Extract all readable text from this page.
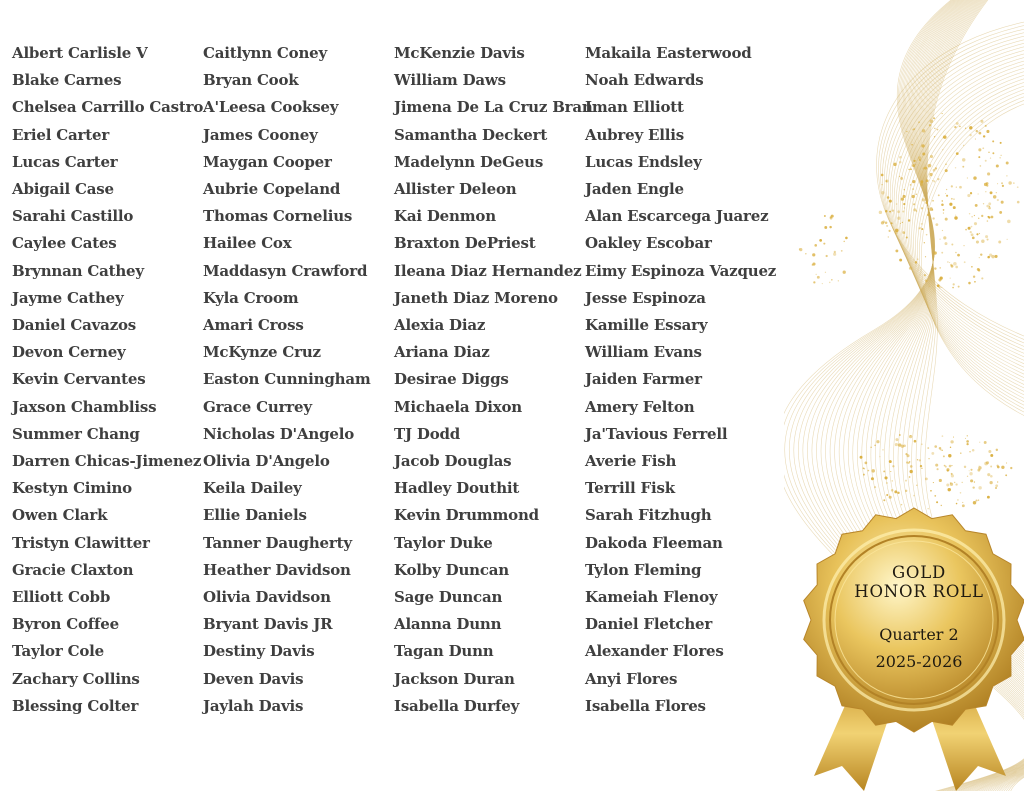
Albert Carlisle V
Blake Carnes
Chelsea Carrillo Castro
Eriel Carter
Lucas Carter
Abigail Case
Sarahi Castillo
Caylee Cates
Brynnan Cathey
Jayme Cathey
Daniel Cavazos
Devon Cerney
Kevin Cervantes
Jaxson Chambliss
Summer Chang
Darren Chicas-Jimenez
Kestyn Cimino
Owen Clark
Tristyn Clawitter
Gracie Claxton
Elliott Cobb
Byron Coffee
Taylor Cole
Zachary Collins
Blessing Colter
Caitlynn Coney
Bryan Cook
A'Leesa Cooksey
James Cooney
Maygan Cooper
Aubrie Copeland
Thomas Cornelius
Hailee Cox
Maddasyn Crawford
Kyla Croom
Amari Cross
McKynze Cruz
Easton Cunningham
Grace Currey
Nicholas D'Angelo
Olivia D'Angelo
Keila Dailey
Ellie Daniels
Tanner Daugherty
Heather Davidson
Olivia Davidson
Bryant Davis JR
Destiny Davis
Deven Davis
Jaylah Davis
McKenzie Davis
William Daws
Jimena De La Cruz Bran
Samantha Deckert
Madelynn DeGeus
Allister Deleon
Kai Denmon
Braxton DePriest
Ileana Diaz Hernandez
Janeth Diaz Moreno
Alexia Diaz
Ariana Diaz
Desirae Diggs
Michaela Dixon
TJ Dodd
Jacob Douglas
Hadley Douthit
Kevin Drummond
Taylor Duke
Kolby Duncan
Sage Duncan
Alanna Dunn
Tagan Dunn
Jackson Duran
Isabella Durfey
Makaila Easterwood
Noah Edwards
Iman Elliott
Aubrey Ellis
Lucas Endsley
Jaden Engle
Alan Escarcega Juarez
Oakley Escobar
Eimy Espinoza Vazquez
Jesse Espinoza
Kamille Essary
William Evans
Jaiden Farmer
Amery Felton
Ja'Tavious Ferrell
Averie Fish
Terrill Fisk
Sarah Fitzhugh
Dakoda Fleeman
Tylon Fleming
Kameiah Flenoy
Daniel Fletcher
Alexander Flores
Anyi Flores
Isabella Flores
GOLD
HONOR ROLL
Quarter 2
2025-2026
